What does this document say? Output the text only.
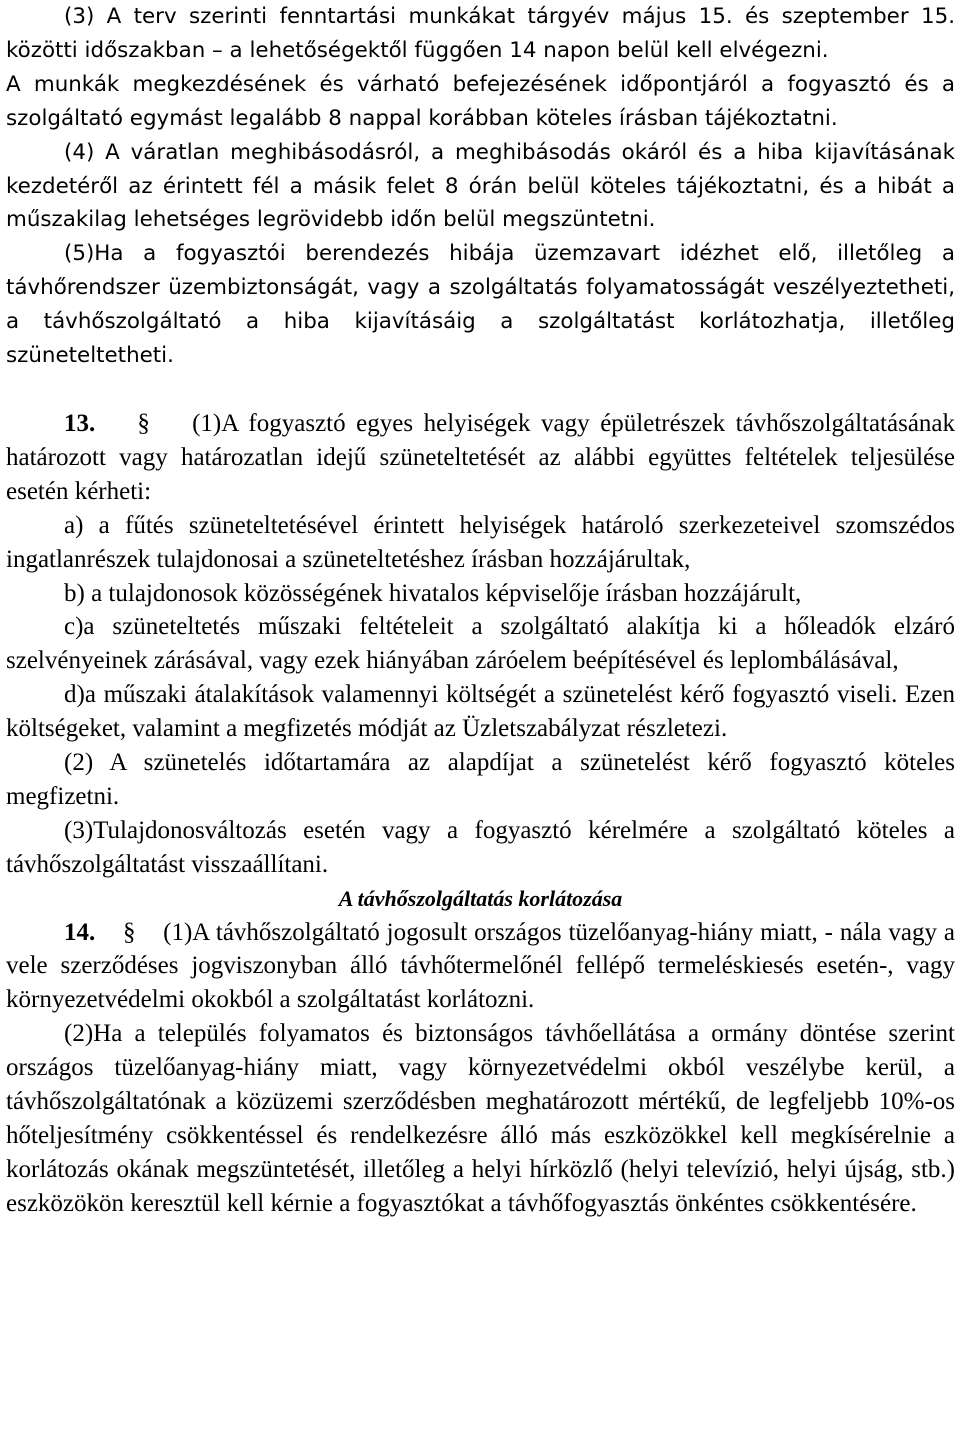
(3) A terv szerinti fenntartási munkákat tárgyév május 15. és szeptember 15. közötti időszakban – a lehetőségektől függően 14 napon belül kell elvégezni.

A munkák megkezdésének és várható befejezésének időpontjáról a fogyasztó és a szolgáltató egymást legalább 8 nappal korábban köteles írásban tájékoztatni.

(4) A váratlan meghibásodásról, a meghibásodás okáról és a hiba kijavításának kezdetéről az érintett fél a másik felet 8 órán belül köteles tájékoztatni, és a hibát a műszakilag lehetséges legrövidebb időn belül megszüntetni.

(5)Ha a fogyasztói berendezés hibája üzemzavart idézhet elő, illetőleg a távhőrendszer üzembiztonságát, vagy a szolgáltatás folyamatosságát veszélyeztetheti, a távhőszolgáltató a hiba kijavításáig a szolgáltatást korlátozhatja, illetőleg szüneteltetheti.

13. § (1)A fogyasztó egyes helyiségek vagy épületrészek távhőszolgáltatásának határozott vagy határozatlan idejű szüneteltetését az alábbi együttes feltételek teljesülése esetén kérheti:

a) a fűtés szüneteltetésével érintett helyiségek határoló szerkezeteivel szomszédos ingatlanrészek tulajdonosai a szüneteltetéshez írásban hozzájárultak,

b) a tulajdonosok közösségének hivatalos képviselője írásban hozzájárult,

c)a szüneteltetés műszaki feltételeit a szolgáltató alakítja ki a hőleadók elzáró szelvényeinek zárásával, vagy ezek hiányában záróelem beépítésével és leplombálásával,

d)a műszaki átalakítások valamennyi költségét a szünetelést kérő fogyasztó viseli. Ezen költségeket, valamint a megfizetés módját az Üzletszabályzat részletezi.

(2) A szünetelés időtartamára az alapdíjat a szünetelést kérő fogyasztó köteles megfizetni.

(3)Tulajdonosváltozás esetén vagy a fogyasztó kérelmére a szolgáltató köteles a távhőszolgáltatást visszaállítani.

A távhőszolgáltatás korlátozása

14. § (1)A távhőszolgáltató jogosult országos tüzelőanyag-hiány miatt, - nála vagy a vele szerződéses jogviszonyban álló távhőtermelőnél fellépő termeléskiesés esetén-, vagy környezetvédelmi okokból a szolgáltatást korlátozni.

(2)Ha a település folyamatos és biztonságos távhőellátása a ormány döntése szerint országos tüzelőanyag-hiány miatt, vagy környezetvédelmi okból veszélybe kerül, a távhőszolgáltatónak a közüzemi szerződésben meghatározott mértékű, de legfeljebb 10%-os hőteljesítmény csökkentéssel és rendelkezésre álló más eszközökkel kell megkísérelnie a korlátozás okának megszüntetését, illetőleg a helyi hírközlő (helyi televízió, helyi újság, stb.) eszközökön keresztül kell kérnie a fogyasztókat a távhőfogyasztás önkéntes csökkentésére.
